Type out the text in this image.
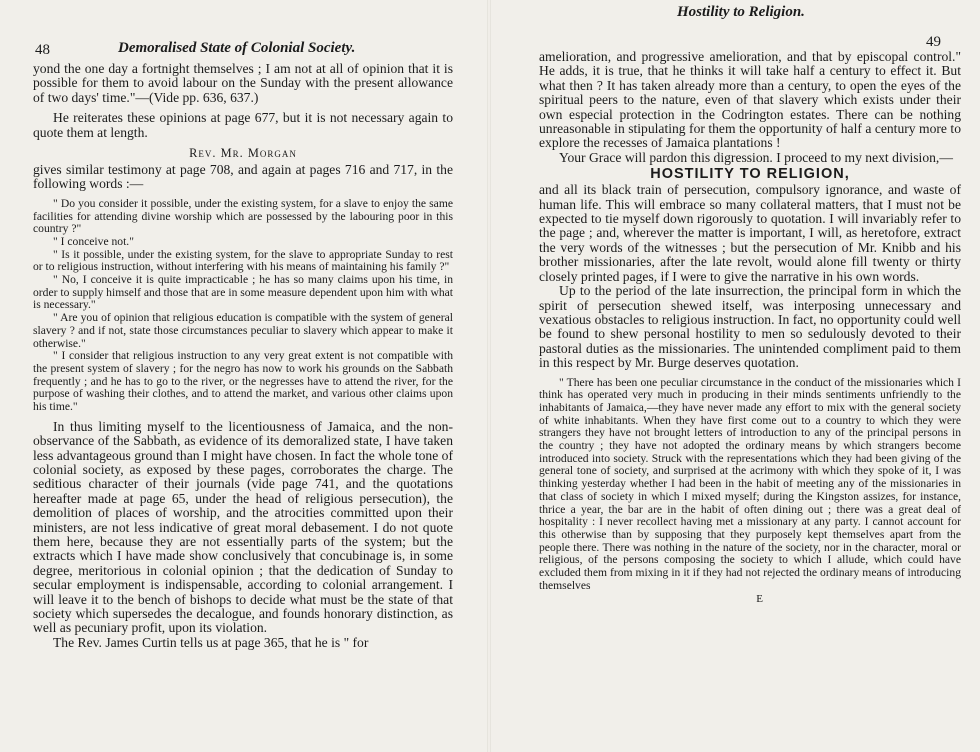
48	Demoralised State of Colonial Society.

yond the one day a fortnight themselves ; I am not at all of opinion that it is possible for them to avoid labour on the Sunday with the present allowance of two days' time."—(Vide pp. 636, 637.)

He reiterates these opinions at page 677, but it is not necessary again to quote them at length.

Rev. Mr. Morgan

gives similar testimony at page 708, and again at pages 716 and 717, in the following words :—

" Do you consider it possible, under the existing system, for a slave to enjoy the same facilities for attending divine worship which are possessed by the labouring poor in this country ?"

" I conceive not."

" Is it possible, under the existing system, for the slave to appropriate Sunday to rest or to religious instruction, without interfering with his means of maintaining his family ?"

" No, I conceive it is quite impracticable ; he has so many claims upon his time, in order to supply himself and those that are in some measure dependent upon him with what is necessary."

" Are you of opinion that religious education is compatible with the system of general slavery ? and if not, state those circumstances peculiar to slavery which appear to make it otherwise."

" I consider that religious instruction to any very great extent is not compatible with the present system of slavery ; for the negro has now to work his grounds on the Sabbath frequently ; and he has to go to the river, or the negresses have to attend the river, for the purpose of washing their clothes, and to attend the market, and various other claims upon his time."

In thus limiting myself to the licentiousness of Jamaica, and the non-observance of the Sabbath, as evidence of its demoralized state, I have taken less advantageous ground than I might have chosen. In fact the whole tone of colonial society, as exposed by these pages, corroborates the charge. The seditious character of their journals (vide page 741, and the quotations hereafter made at page 65, under the head of religious persecution), the demolition of places of worship, and the atrocities committed upon their ministers, are not less indicative of great moral debasement. I do not quote them here, because they are not essentially parts of the system; but the extracts which I have made show conclusively that concubinage is, in some degree, meritorious in colonial opinion ; that the dedication of Sunday to secular employment is indispensable, according to colonial arrangement. I will leave it to the bench of bishops to decide what must be the state of that society which supersedes the decalogue, and founds honorary distinction, as well as pecuniary profit, upon its violation.

The Rev. James Curtin tells us at page 365, that he is " for

Hostility to Religion.
49

amelioration, and progressive amelioration, and that by episcopal control." He adds, it is true, that he thinks it will take half a century to effect it. But what then ? It has taken already more than a century, to open the eyes of the spiritual peers to the nature, even of that slavery which exists under their own especial protection in the Codrington estates. There can be nothing unreasonable in stipulating for them the opportunity of half a century more to explore the recesses of Jamaica plantations !

Your Grace will pardon this digression. I proceed to my next division,—

HOSTILITY TO RELIGION,

and all its black train of persecution, compulsory ignorance, and waste of human life. This will embrace so many collateral matters, that I must not be expected to tie myself down rigorously to quotation. I will invariably refer to the page ; and, wherever the matter is important, I will, as heretofore, extract the very words of the witnesses ; but the persecution of Mr. Knibb and his brother missionaries, after the late revolt, would alone fill twenty or thirty closely printed pages, if I were to give the narrative in his own words.

Up to the period of the late insurrection, the principal form in which the spirit of persecution shewed itself, was interposing unnecessary and vexatious obstacles to religious instruction. In fact, no opportunity could well be found to shew personal hostility to men so sedulously devoted to their pastoral duties as the missionaries. The unintended compliment paid to them in this respect by Mr. Burge deserves quotation.

" There has been one peculiar circumstance in the conduct of the missionaries which I think has operated very much in producing in their minds sentiments unfriendly to the inhabitants of Jamaica,—they have never made any effort to mix with the general society of white inhabitants. When they have first come out to a country to which they were strangers they have not brought letters of introduction to any of the principal persons in the country ; they have not adopted the ordinary means by which strangers become introduced into society. Struck with the representations which they had been giving of the general tone of society, and surprised at the acrimony with which they spoke of it, I was thinking yesterday whether I had been in the habit of meeting any of the missionaries in that class of society in which I mixed myself; during the Kingston assizes, for instance, thrice a year, the bar are in the habit of often dining out ; there was a great deal of hospitality : I never recollect having met a missionary at any party. I cannot account for this otherwise than by supposing that they purposely kept themselves apart from the people there. There was nothing in the nature of the society, nor in the character, moral or religious, of the persons composing the society to which I allude, which could have excluded them from mixing in it if they had not rejected the ordinary means of introducing themselves

E
